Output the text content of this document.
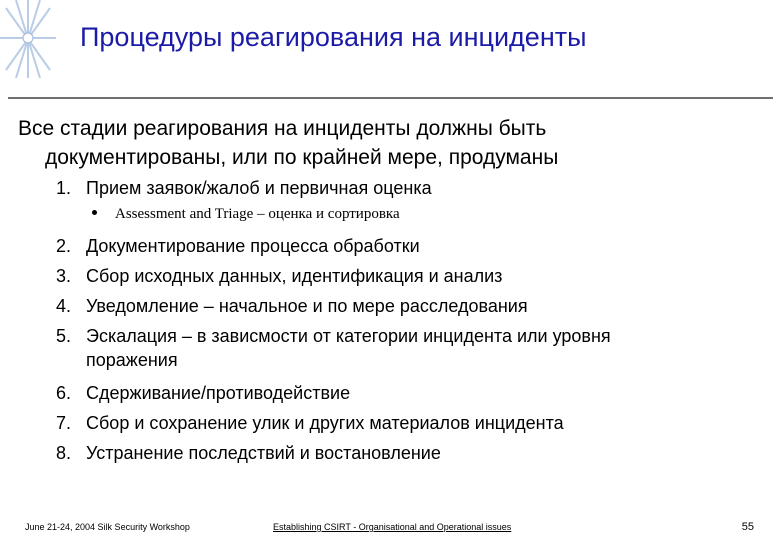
Процедуры реагирования на инциденты
Все стадии реагирования на инциденты должны быть
документированы, или по крайней мере, продуманы
1. Прием заявок/жалоб и первичная оценка
Assessment and Triage – оценка и сортировка
2. Документирование процесса обработки
3. Сбор исходных данных, идентификация и анализ
4. Уведомление – начальное и по мере расследования
5. Эскалация – в зависмости от категории инцидента или уровня
поражения
6. Сдерживание/противодействие
7. Сбор и сохранение улик и других материалов инцидента
8. Устранение последствий и востановление
June 21-24, 2004 Silk Security Workshop	Establishing CSIRT - Organisational and Operational issues	55
